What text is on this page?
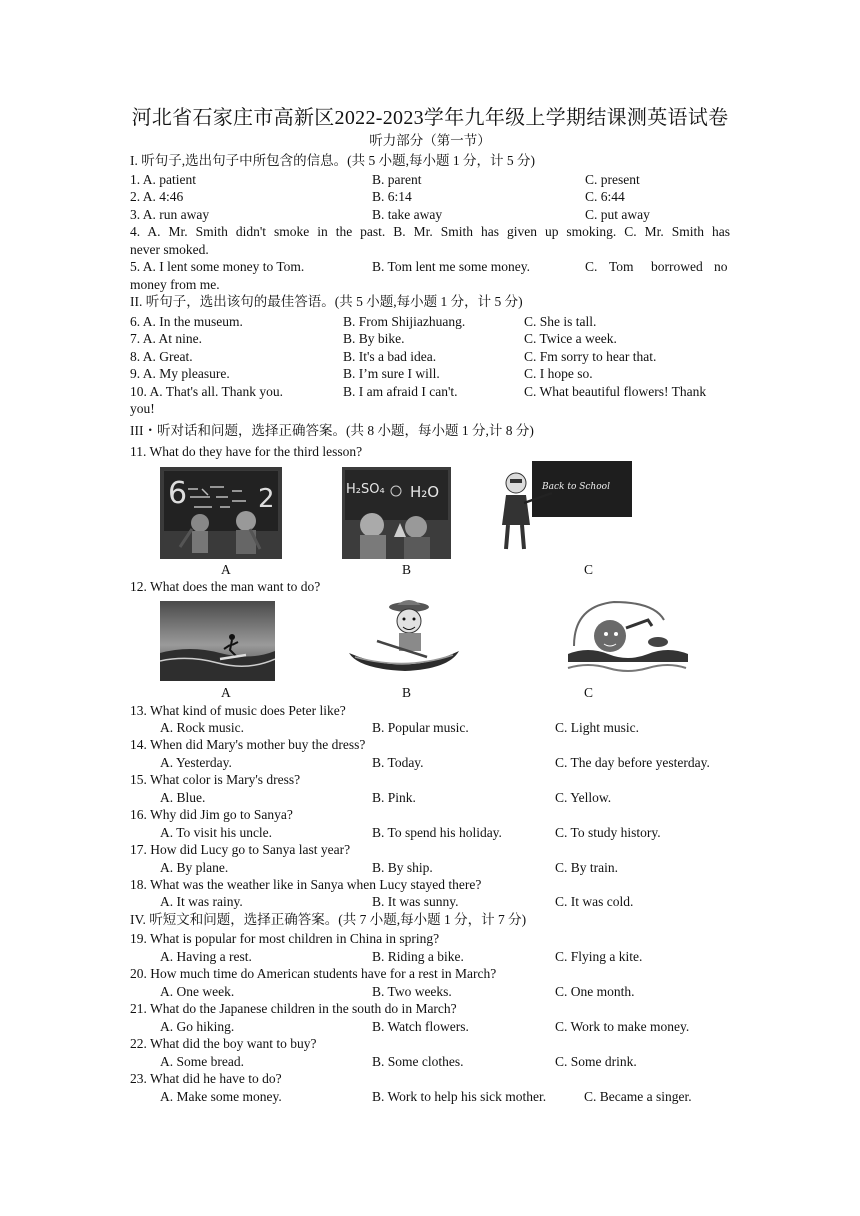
河北省石家庄市高新区2022-2023学年九年级上学期结课测英语试卷
听力部分（第一节）
I. 听句子,选出句子中所包含的信息。(共 5 小题,每小题 1 分，计 5 分)
1. A. patient	B. parent	C. present
2. A. 4:46	B. 6:14	C. 6:44
3. A. run away	B. take away	C. put away
4. A. Mr. Smith didn't smoke in the past. B. Mr. Smith has given up smoking. C. Mr. Smith has
never smoked.
5. A. I lent some money to Tom.	B. Tom lent me some money.	C. Tom borrowed no
money from me.
II. 听句子，选出该句的最佳答语。(共 5 小题,每小题 1 分，计 5 分)
6. A. In the museum.	B. From Shijiazhuang.	C. She is tall.
7. A. At nine.	B. By bike.	C. Twice a week.
8. A. Great.	B. It's a bad idea.	C. Fm sorry to hear that.
9. A. My pleasure.	B. I’m sure I will.	C. I hope so.
10. A. That's all. Thank you.	B. I am afraid I can't.	C. What beautiful flowers! Thank
you!
III・听对话和问题，选择正确答案。(共 8 小题，每小题 1 分,计 8 分)
11. What do they have for the third lesson?
6	2	H₂SO₄ H₂O	Back to School
A	B	C
12. What does the man want to do?
A	B	C
13. What kind of music does Peter like?
A. Rock music.	B. Popular music.	C. Light music.
14. When did Mary's mother buy the dress?
A. Yesterday.	B. Today.	C. The day before yesterday.
15. What color is Mary's dress?
A. Blue.	B. Pink.	C. Yellow.
16. Why did Jim go to Sanya?
A. To visit his uncle.	B. To spend his holiday.	C. To study history.
17. How did Lucy go to Sanya last year?
A. By plane.	B. By ship.	C. By train.
18. What was the weather like in Sanya when Lucy stayed there?
A. It was rainy.	B. It was sunny.	C. It was cold.
IV. 听短文和问题，选择正确答案。(共 7 小题,每小题 1 分，计 7 分)
19. What is popular for most children in China in spring?
A. Having a rest.	B. Riding a bike.	C. Flying a kite.
20. How much time do American students have for a rest in March?
A. One week.	B. Two weeks.	C. One month.
21. What do the Japanese children in the south do in March?
A. Go hiking.	B. Watch flowers.	C. Work to make money.
22. What did the boy want to buy?
A. Some bread.	B. Some clothes.	C. Some drink.
23. What did he have to do?
A. Make some money.	B. Work to help his sick mother.	C. Became a singer.
